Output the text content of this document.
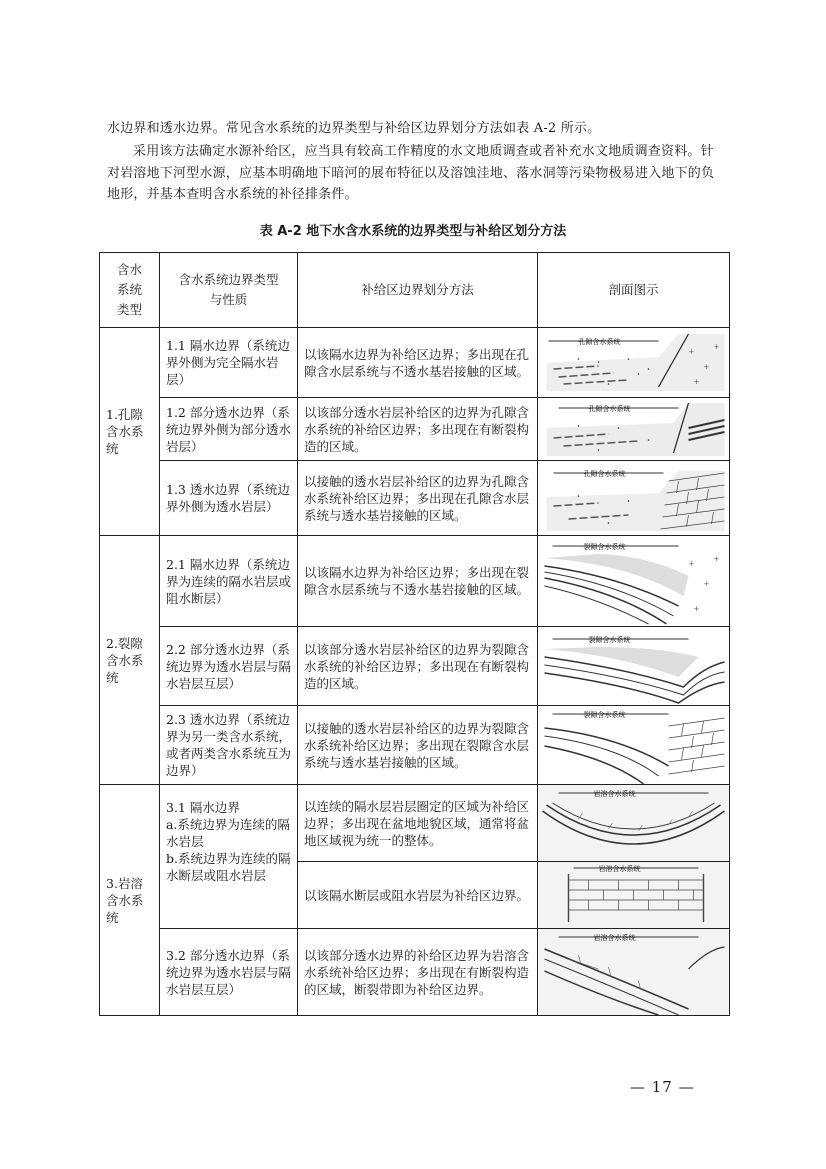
水边界和透水边界。常见含水系统的边界类型与补给区边界划分方法如表 A-2 所示。

采用该方法确定水源补给区，应当具有较高工作精度的水文地质调查或者补充水文地质调查资料。针对岩溶地下河型水源，应基本明确地下暗河的展布特征以及溶蚀洼地、落水洞等污染物极易进入地下的负地形，并基本查明含水系统的补径排条件。

表 A-2 地下水含水系统的边界类型与补给区划分方法
含水系统类型	含水系统边界类型与性质	补给区边界划分方法	剖面图示
1.孔隙含水系统	1.1 隔水边界（系统边界外侧为完全隔水岩层）	以该隔水边界为补给区边界；多出现在孔隙含水层系统与不透水基岩接触的区域。	孔隙含水系统
+
+
+
+

	1.2 部分透水边界（系统边界外侧为部分透水岩层）	以该部分透水岩层补给区的边界为孔隙含水系统的补给区边界；多出现在有断裂构造的区域。	孔隙含水系统

	1.3 透水边界（系统边界外侧为透水岩层）	以接触的透水岩层补给区的边界为孔隙含水系统补给区边界；多出现在孔隙含水层系统与透水基岩接触的区域。	孔隙含水系统

2.裂隙含水系统	2.1 隔水边界（系统边界为连续的隔水岩层或阻水断层）	以该隔水边界为补给区边界；多出现在裂隙含水层系统与不透水基岩接触的区域。	裂隙含水系统
+
+
+
+

	2.2 部分透水边界（系统边界为透水岩层与隔水岩层互层）	以该部分透水岩层补给区的边界为裂隙含水系统的补给区边界；多出现在有断裂构造的区域。	裂隙含水系统

	2.3 透水边界（系统边界为另一类含水系统，或者两类含水系统互为边界）	以接触的透水岩层补给区的边界为裂隙含水系统补给区边界；多出现在裂隙含水层系统与透水基岩接触的区域。	裂隙含水系统

3.岩溶含水系统	3.1 隔水边界
a.系统边界为连续的隔水岩层
b.系统边界为连续的隔水断层或阻水岩层	以连续的隔水层岩层圈定的区域为补给区边界；多出现在盆地地貌区域，通常将盆地区域视为统一的整体。	岩溶含水系统

		以该隔水断层或阻水岩层为补给区边界。	岩溶含水系统

	3.2 部分透水边界（系统边界为透水岩层与隔水岩层互层）	以该部分透水边界的补给区边界为岩溶含水系统补给区边界；多出现在有断裂构造的区域，断裂带即为补给区边界。	岩溶含水系统
— 17 —
